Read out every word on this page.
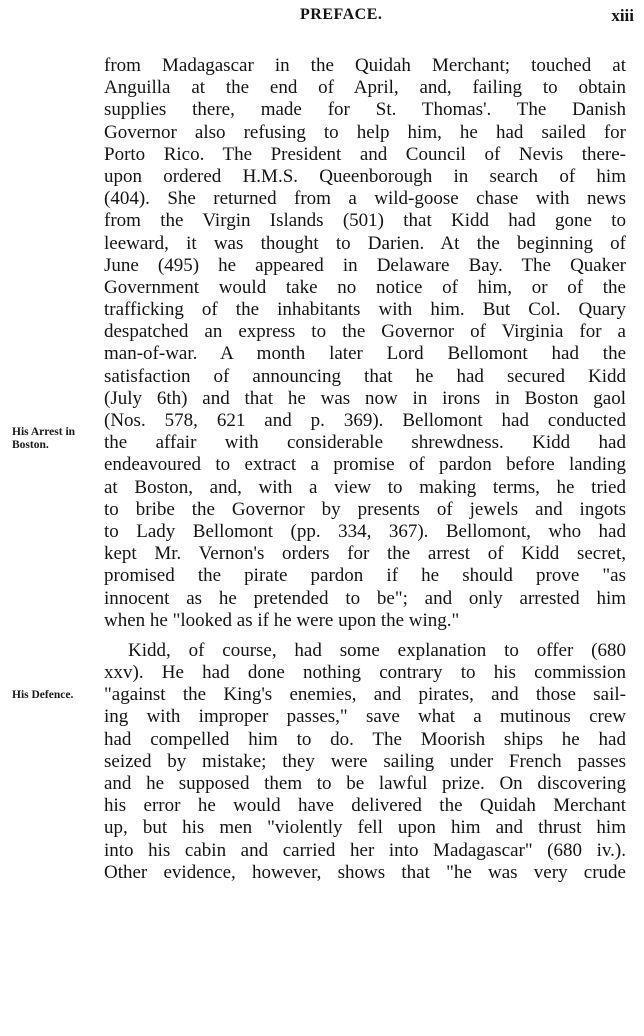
PREFACE.	xiii
His Arrest in Boston.
His Defence.
from Madagascar in the Quidah Merchant; touched at
Anguilla at the end of April, and, failing to obtain
supplies there, made for St. Thomas'. The Danish
Governor also refusing to help him, he had sailed for
Porto Rico. The President and Council of Nevis there-
upon ordered H.M.S. Queenborough in search of him
(404). She returned from a wild-goose chase with news
from the Virgin Islands (501) that Kidd had gone to
leeward, it was thought to Darien. At the beginning of
June (495) he appeared in Delaware Bay. The Quaker
Government would take no notice of him, or of the
trafficking of the inhabitants with him. But Col. Quary
despatched an express to the Governor of Virginia for a
man-of-war. A month later Lord Bellomont had the
satisfaction of announcing that he had secured Kidd
(July 6th) and that he was now in irons in Boston gaol
(Nos. 578, 621 and p. 369). Bellomont had conducted
the affair with considerable shrewdness. Kidd had
endeavoured to extract a promise of pardon before landing
at Boston, and, with a view to making terms, he tried
to bribe the Governor by presents of jewels and ingots
to Lady Bellomont (pp. 334, 367). Bellomont, who had
kept Mr. Vernon's orders for the arrest of Kidd secret,
promised the pirate pardon if he should prove "as
innocent as he pretended to be"; and only arrested him
when he "looked as if he were upon the wing."
Kidd, of course, had some explanation to offer (680
xxv). He had done nothing contrary to his commission
"against the King's enemies, and pirates, and those sail-
ing with improper passes," save what a mutinous crew
had compelled him to do. The Moorish ships he had
seized by mistake; they were sailing under French passes
and he supposed them to be lawful prize. On discovering
his error he would have delivered the Quidah Merchant
up, but his men "violently fell upon him and thrust him
into his cabin and carried her into Madagascar" (680 iv.).
Other evidence, however, shows that "he was very crude
